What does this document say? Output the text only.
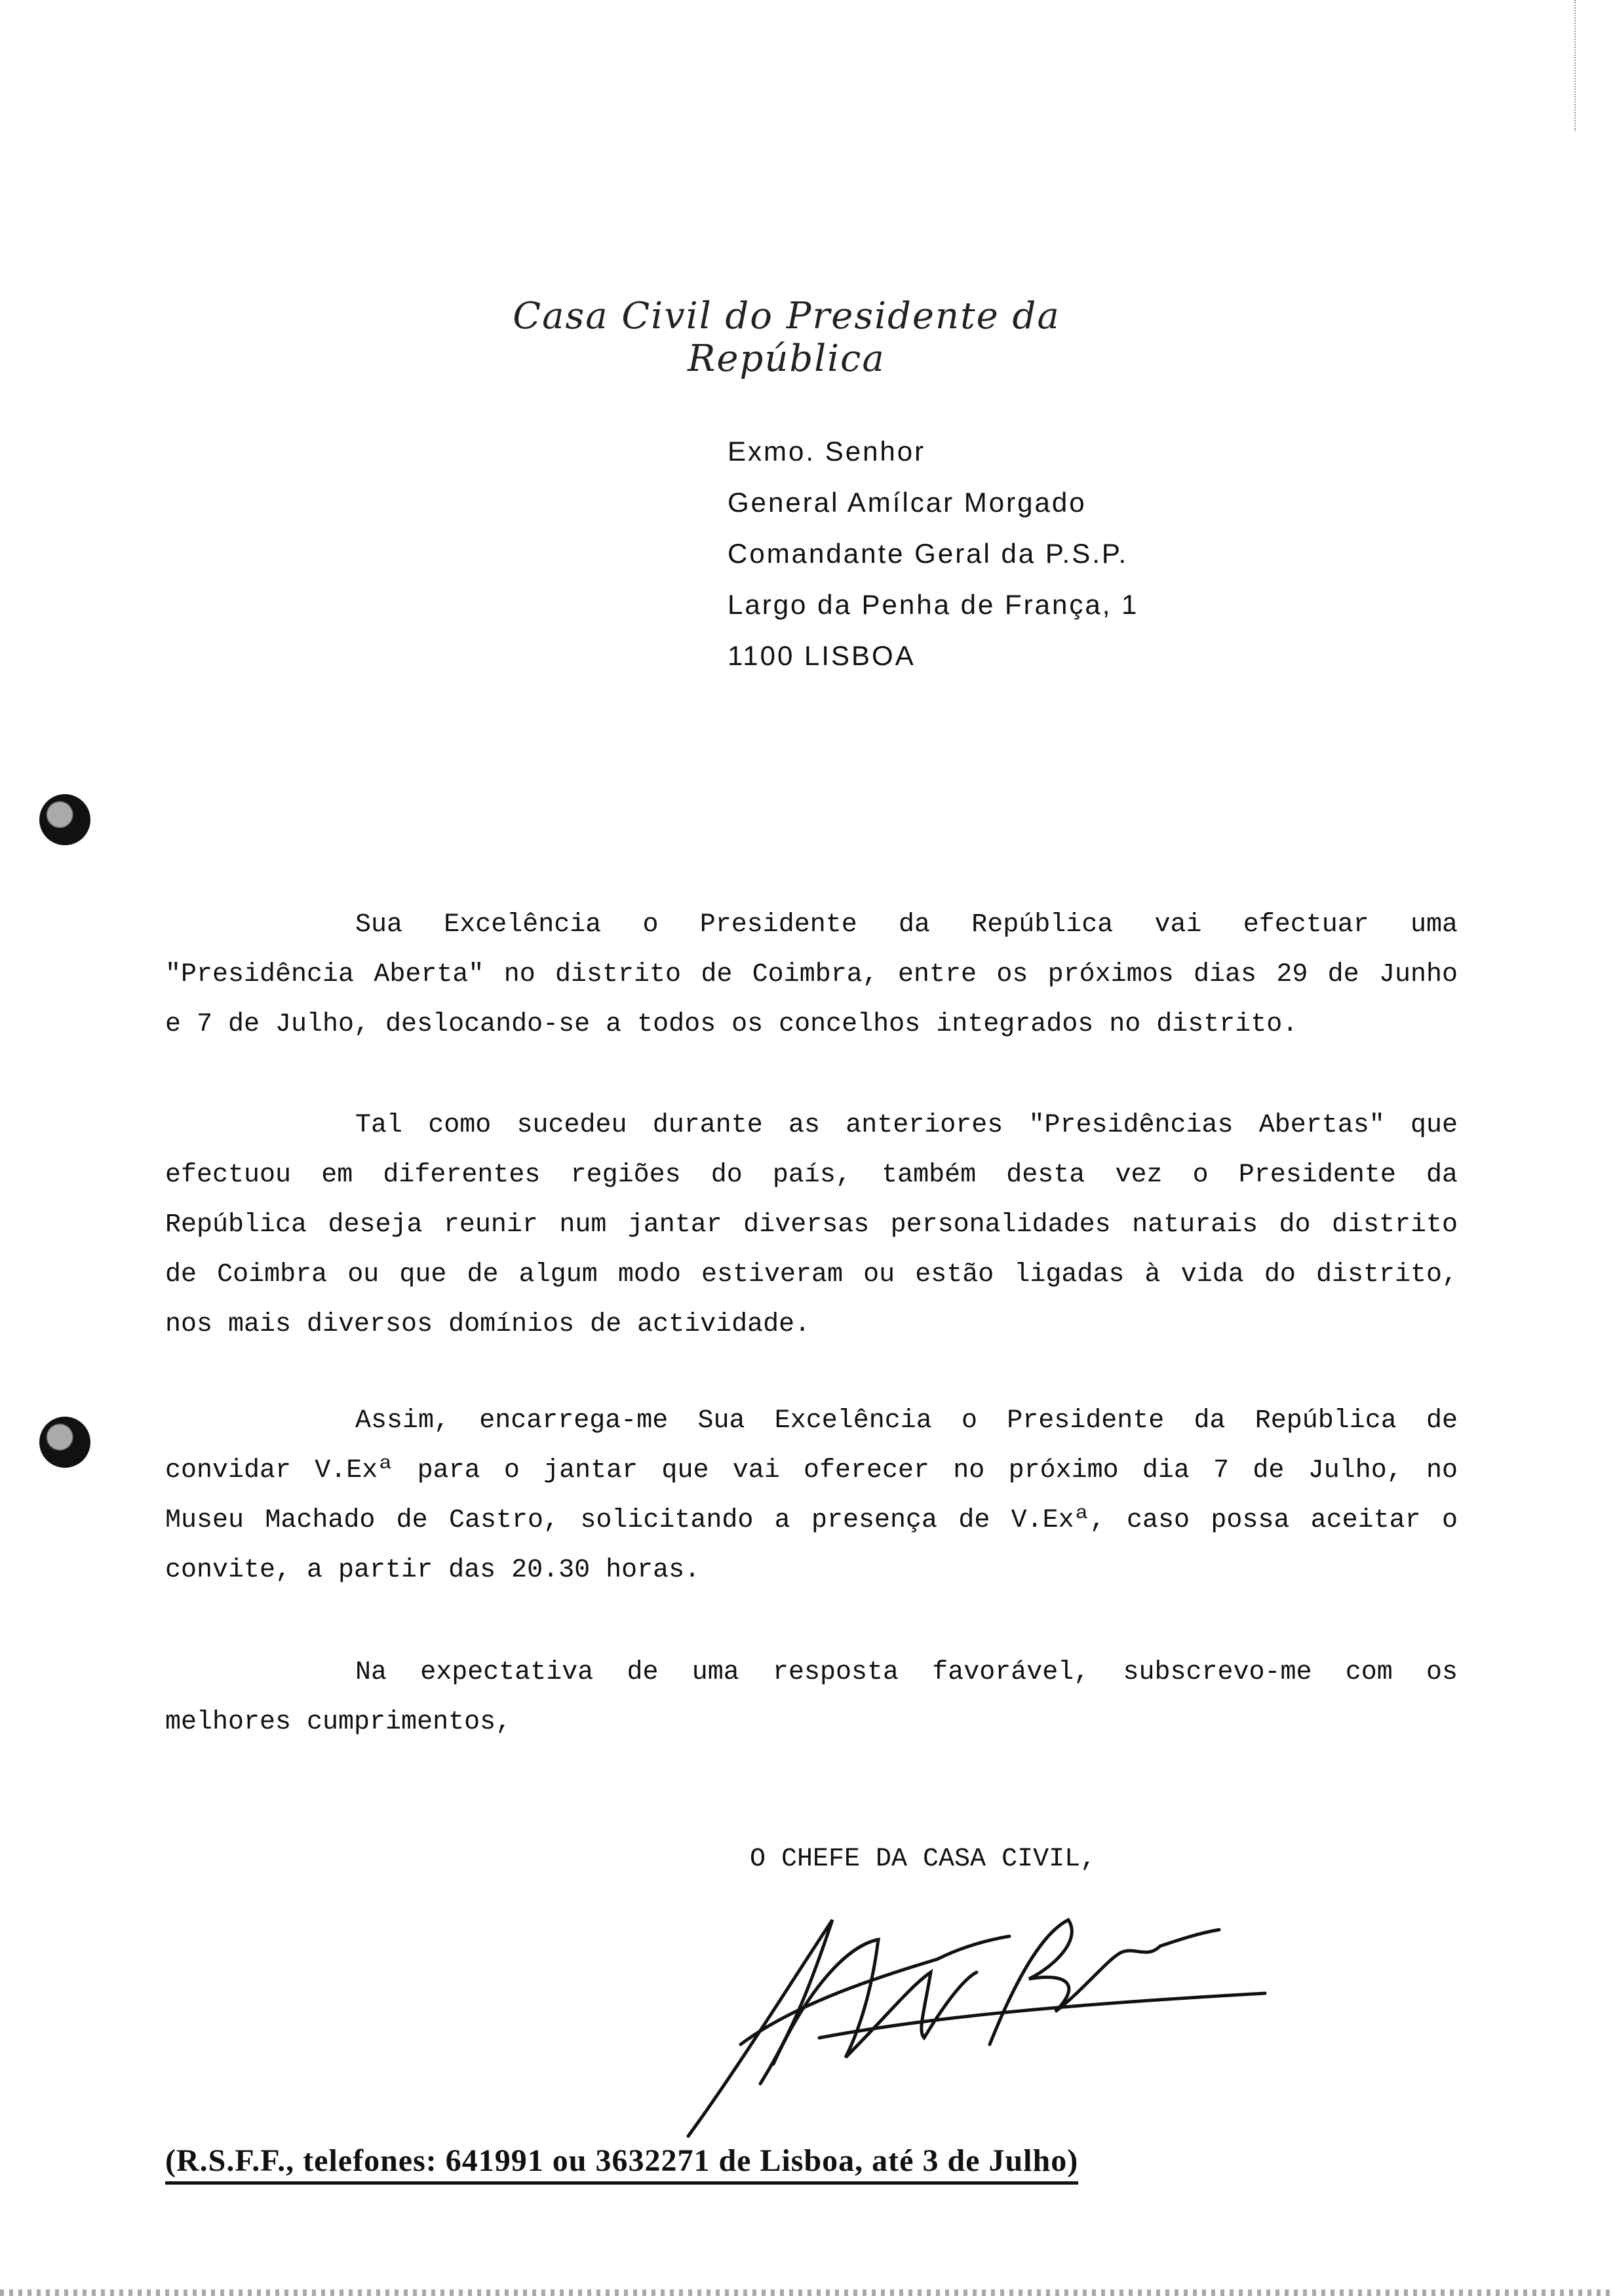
Casa Civil do Presidente da República
Exmo. Senhor
General Amílcar Morgado
Comandante Geral da P.S.P.
Largo da Penha de França, 1
1100 LISBOA
Sua Excelência o Presidente da República vai efectuar uma
"Presidência Aberta" no distrito de Coimbra, entre os próximos dias 29 de Junho
e 7 de Julho, deslocando-se a todos os concelhos integrados no distrito.
Tal como sucedeu durante as anteriores "Presidências Abertas" que
efectuou em diferentes regiões do país, também desta vez o Presidente da
República deseja reunir num jantar diversas personalidades naturais do distrito
de Coimbra ou que de algum modo estiveram ou estão ligadas à vida do distrito,
nos mais diversos domínios de actividade.
Assim, encarrega-me Sua Excelência o Presidente da República de
convidar V.Exª para o jantar que vai oferecer no próximo dia 7 de Julho, no
Museu Machado de Castro, solicitando a presença de V.Exª, caso possa aceitar o
convite, a partir das 20.30 horas.
Na expectativa de uma resposta favorável, subscrevo-me com os
melhores cumprimentos,
O CHEFE DA CASA CIVIL,
(R.S.F.F., telefones: 641991 ou 3632271 de Lisboa, até 3 de Julho)
